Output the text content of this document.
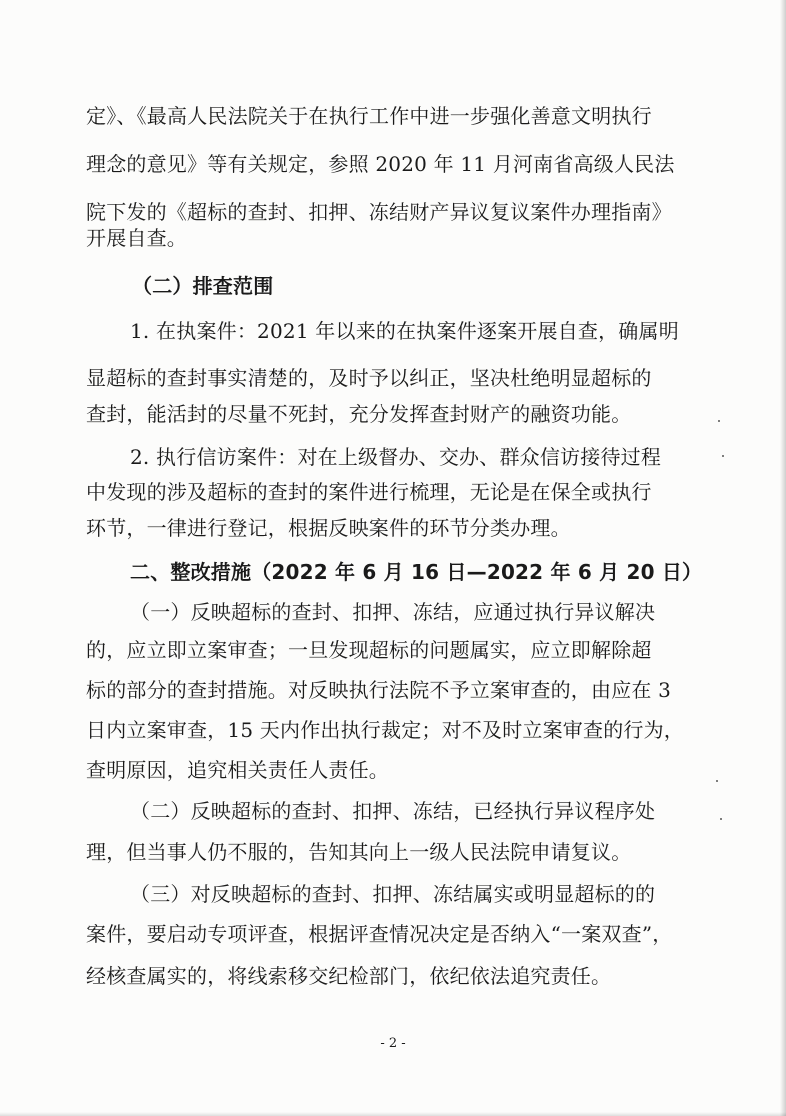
定》、《最高人民法院关于在执行工作中进一步强化善意文明执行
理念的意见》等有关规定，参照 2020 年 11 月河南省高级人民法
院下发的《超标的查封、扣押、冻结财产异议复议案件办理指南》
开展自查。
（二）排查范围
1. 在执案件：2021 年以来的在执案件逐案开展自查，确属明
显超标的查封事实清楚的，及时予以纠正，坚决杜绝明显超标的
查封，能活封的尽量不死封，充分发挥查封财产的融资功能。
2. 执行信访案件：对在上级督办、交办、群众信访接待过程
中发现的涉及超标的查封的案件进行梳理，无论是在保全或执行
环节，一律进行登记，根据反映案件的环节分类办理。
二、整改措施（2022 年 6 月 16 日—2022 年 6 月 20 日）
（一）反映超标的查封、扣押、冻结，应通过执行异议解决
的，应立即立案审查；一旦发现超标的问题属实，应立即解除超
标的部分的查封措施。对反映执行法院不予立案审查的，由应在 3
日内立案审查，15 天内作出执行裁定；对不及时立案审查的行为，
查明原因，追究相关责任人责任。
（二）反映超标的查封、扣押、冻结，已经执行异议程序处
理，但当事人仍不服的，告知其向上一级人民法院申请复议。
（三）对反映超标的查封、扣押、冻结属实或明显超标的的
案件，要启动专项评查，根据评查情况决定是否纳入“一案双查”，
经核查属实的，将线索移交纪检部门，依纪依法追究责任。
- 2 -
